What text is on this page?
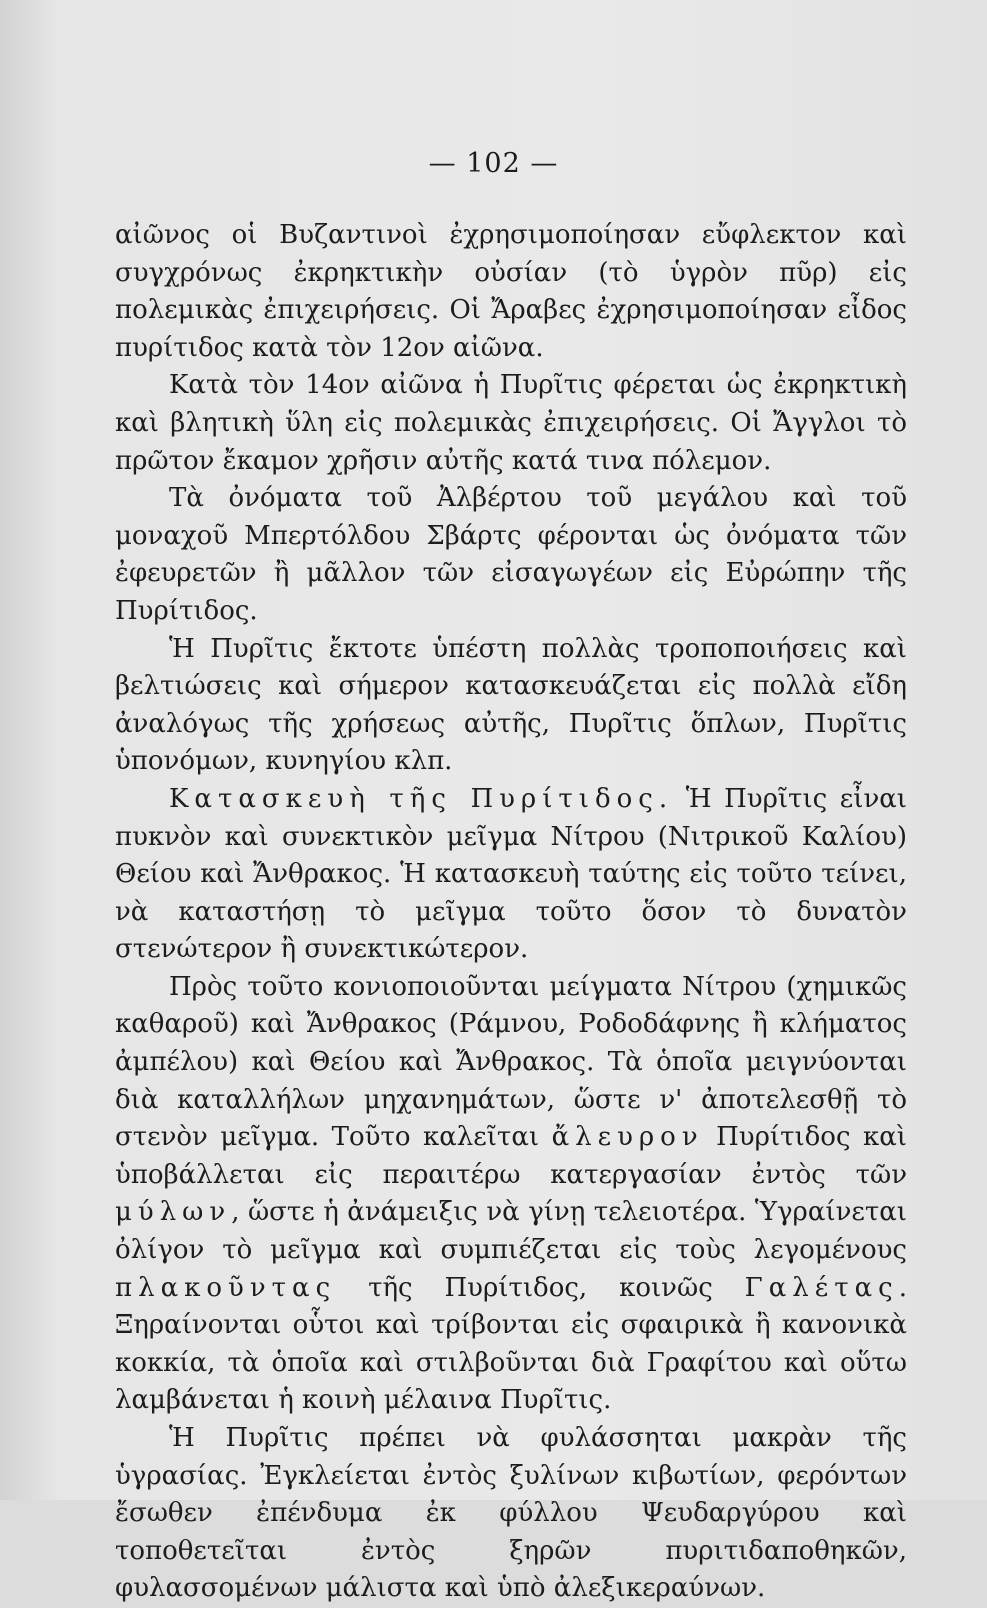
— 102 —

αἰῶνος οἱ Βυζαντινοὶ ἐχρησιμοποίησαν εὔφλεκτον καὶ συγχρόνως ἐκρηκτικὴν οὐσίαν (τὸ ὑγρὸν πῦρ) εἰς πολεμικὰς ἐπιχειρήσεις. Οἱ Ἄραβες ἐχρησιμοποίησαν εἶδος πυρίτιδος κατὰ τὸν 12ον αἰῶνα.

Κατὰ τὸν 14ον αἰῶνα ἡ Πυρῖτις φέρεται ὡς ἐκρηκτικὴ καὶ βλητικὴ ὕλη εἰς πολεμικὰς ἐπιχειρήσεις. Οἱ Ἄγγλοι τὸ πρῶτον ἔκαμον χρῆσιν αὐτῆς κατά τινα πόλεμον.

Τὰ ὀνόματα τοῦ Ἀλβέρτου τοῦ μεγάλου καὶ τοῦ μοναχοῦ Μπερτόλδου Σβάρτς φέρονται ὡς ὀνόματα τῶν ἐφευρετῶν ἢ μᾶλλον τῶν εἰσαγωγέων εἰς Εὐρώπην τῆς Πυρίτιδος.

Ἡ Πυρῖτις ἔκτοτε ὑπέστη πολλὰς τροποποιήσεις καὶ βελτιώσεις καὶ σήμερον κατασκευάζεται εἰς πολλὰ εἴδη ἀναλόγως τῆς χρήσεως αὐτῆς, Πυρῖτις ὅπλων, Πυρῖτις ὑπονόμων, κυνηγίου κλπ.

Κατασκευὴ τῆς Πυρίτιδος. Ἡ Πυρῖτις εἶναι πυκνὸν καὶ συνεκτικὸν μεῖγμα Νίτρου (Νιτρικοῦ Καλίου) Θείου καὶ Ἄνθρακος. Ἡ κατασκευὴ ταύτης εἰς τοῦτο τείνει, νὰ καταστήσῃ τὸ μεῖγμα τοῦτο ὅσον τὸ δυνατὸν στενώτερον ἢ συνεκτικώτερον.

Πρὸς τοῦτο κονιοποιοῦνται μείγματα Νίτρου (χημικῶς καθαροῦ) καὶ Ἄνθρακος (Ράμνου, Ροδοδάφνης ἢ κλήματος ἀμπέλου) καὶ Θείου καὶ Ἄνθρακος. Τὰ ὁποῖα μειγνύονται διὰ καταλλήλων μηχανημάτων, ὥστε ν' ἀποτελεσθῇ τὸ στενὸν μεῖγμα. Τοῦτο καλεῖται ἄλευρον Πυρίτιδος καὶ ὑποβάλλεται εἰς περαιτέρω κατεργασίαν ἐντὸς τῶν μύλων, ὥστε ἡ ἀνάμειξις νὰ γίνῃ τελειοτέρα. Ὑγραίνεται ὀλίγον τὸ μεῖγμα καὶ συμπιέζεται εἰς τοὺς λεγομένους πλακοῦντας τῆς Πυρίτιδος, κοινῶς Γαλέτας. Ξηραίνονται οὗτοι καὶ τρίβονται εἰς σφαιρικὰ ἢ κανονικὰ κοκκία, τὰ ὁποῖα καὶ στιλβοῦνται διὰ Γραφίτου καὶ οὕτω λαμβάνεται ἡ κοινὴ μέλαινα Πυρῖτις.

Ἡ Πυρῖτις πρέπει νὰ φυλάσσηται μακρὰν τῆς ὑγρασίας. Ἐγκλείεται ἐντὸς ξυλίνων κιβωτίων, φερόντων ἔσωθεν ἐπένδυμα ἐκ φύλλου Ψευδαργύρου καὶ τοποθετεῖται ἐντὸς ξηρῶν πυριτιδαποθηκῶν, φυλασσομένων μάλιστα καὶ ὑπὸ ἀλεξικεραύνων.
